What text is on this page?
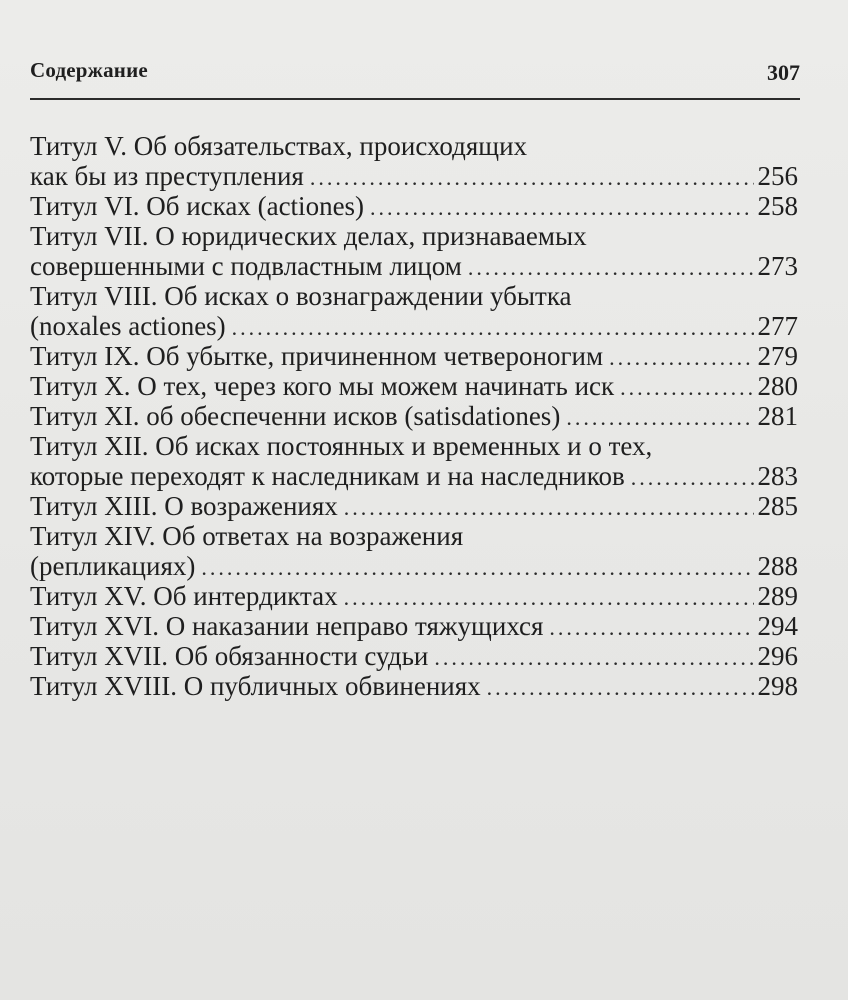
Содержание	307
Титул V. Об обязательствах, происходящих
как бы из преступления .....	256
Титул VI. Об исках (actiones) .....	258
Титул VII. О юридических делах, признаваемых
совершенными с подвластным лицом .....	273
Титул VIII. Об исках о вознаграждении убытка
(noxales actiones) .....	277
Титул IX. Об убытке, причиненном четвероногим .....	279
Титул X. О тех, через кого мы можем начинать иск .....	280
Титул XI. об обеспеченни исков (satisdationes) .....	281
Титул XII. Об исках постоянных и временных и о тех,
которые переходят к наследникам и на наследников .....	283
Титул XIII. О возражениях .....	285
Титул XIV. Об ответах на возражения
(репликациях) .....	288
Титул XV. Об интердиктах .....	289
Титул XVI. О наказании неправо тяжущихся .....	294
Титул XVII. Об обязанности судьи .....	296
Титул XVIII. О публичных обвинениях .....	298
